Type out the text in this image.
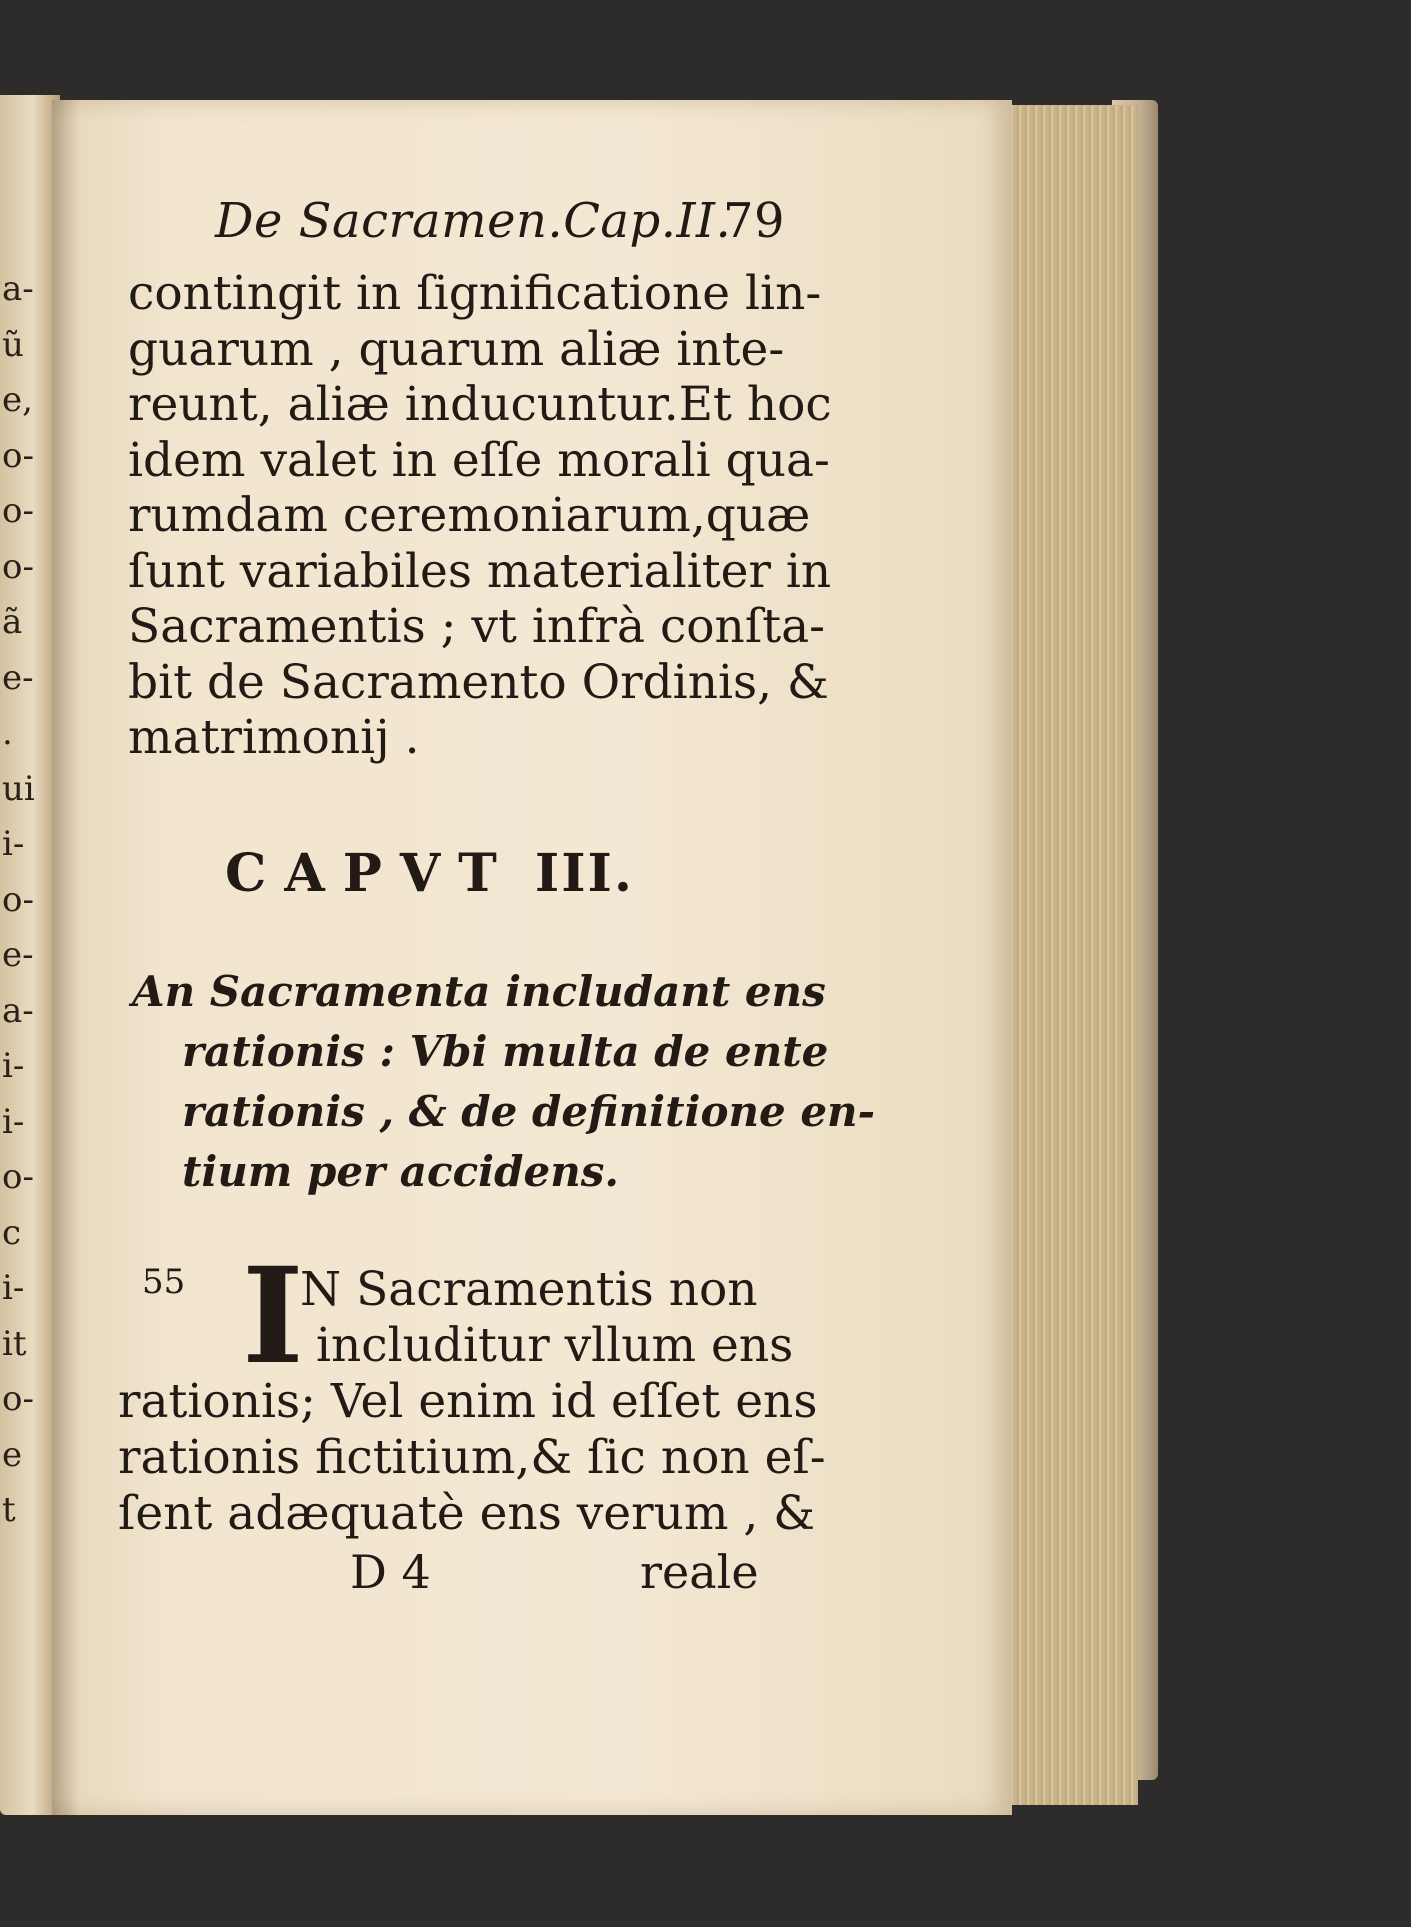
a-
ũ
e,
o-
o-
o-
ã
e-
.
ui
i-
o-
e-
a-
i-
i-
o-
c
i-
it
o-
e
t
De Sacramen.Cap.II.
79
contingit in ſignificatione lin-
guarum , quarum aliæ inte-
reunt, aliæ inducuntur.Et hoc
idem valet in eſſe morali qua-
rumdam ceremoniarum,quæ
ſunt variabiles materialiter in
Sacramentis ; vt infrà conſta-
bit de Sacramento Ordinis, &
matrimonij .
CAPVT III.
An Sacramenta includant ens
rationis : Vbi multa de ente
rationis , & de definitione en-
tium per accidens.
55 I
N Sacramentis non
includitur vllum ens
rationis; Vel enim id eſſet ens
rationis fictitium,& ſic non eſ-
ſent adæquatè ens verum , &
D 4	reale
